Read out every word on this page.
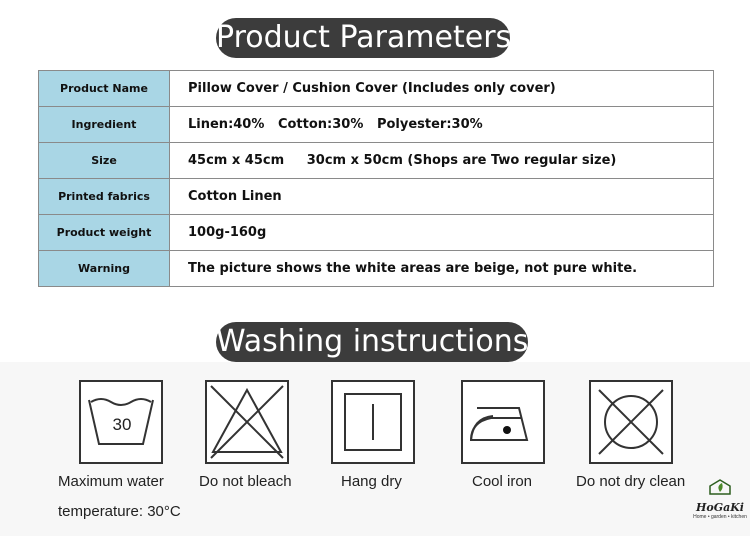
Product Parameters
Product Name	Pillow Cover / Cushion Cover (Includes only cover)
Ingredient	Linen:40%   Cotton:30%   Polyester:30%
Size	45cm x 45cm     30cm x 50cm (Shops are Two regular size)
Printed fabrics	Cotton Linen
Product weight	100g-160g
Warning	The picture shows the white areas are beige, not pure white.
Washing instructions
30
Maximum water
temperature: 30°C
Do not bleach	Hang dry	Cool iron	Do not dry clean
HoGaKi
Home • garden • kitchen
